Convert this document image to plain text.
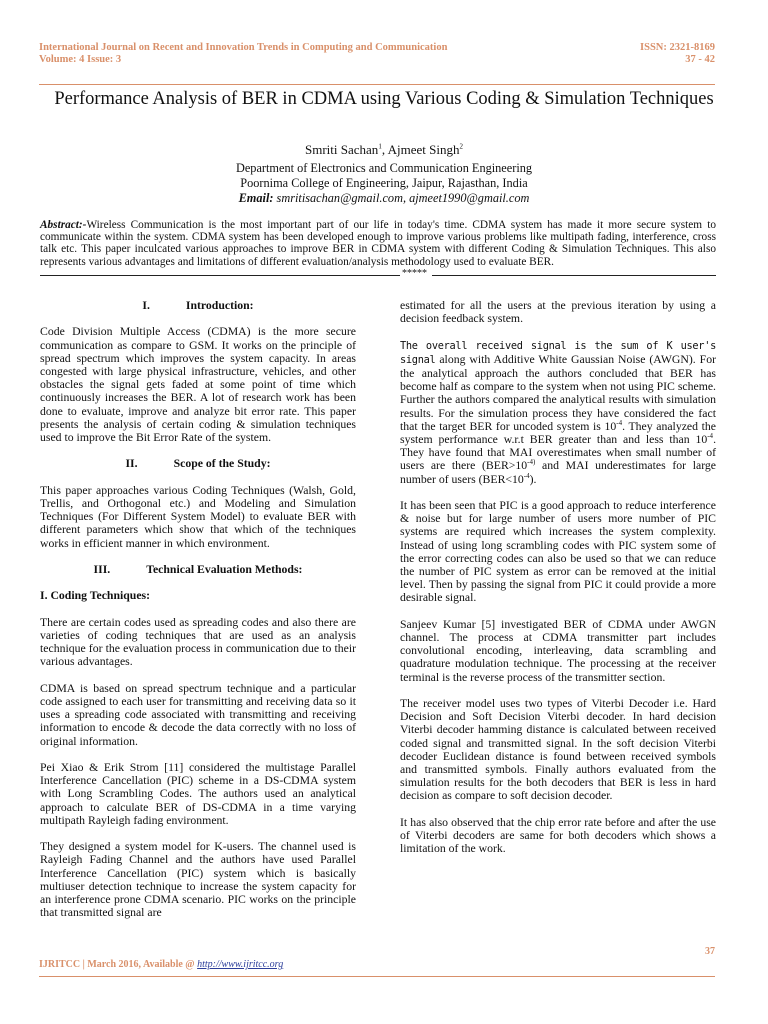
International Journal on Recent and Innovation Trends in Computing and Communication
Volume: 4 Issue: 3
ISSN: 2321-8169
37 - 42
Performance Analysis of BER in CDMA using Various Coding & Simulation Techniques
Smriti Sachan$^1$, Ajmeet Singh$^2$
Department of Electronics and Communication Engineering
Poornima College of Engineering, Jaipur, Rajasthan, India
Email: smritisachan@gmail.com, ajmeet1990@gmail.com
Abstract:-Wireless Communication is the most important part of our life in today's time. CDMA system has made it more secure system to communicate within the system. CDMA system has been developed enough to improve various problems like multipath fading, interference, cross talk etc. This paper inculcated various approaches to improve BER in CDMA system with different Coding & Simulation Techniques. This also represents various advantages and limitations of different evaluation/analysis methodology used to evaluate BER.
*****

I.	Introduction:

Code Division Multiple Access (CDMA) is the more secure communication as compare to GSM. It works on the principle of spread spectrum which improves the system capacity. In areas congested with large physical infrastructure, vehicles, and other obstacles the signal gets faded at some point of time which continuously increases the BER. A lot of research work has been done to evaluate, improve and analyze bit error rate. This paper presents the analysis of certain coding & simulation techniques used to improve the Bit Error Rate of the system.

II.	Scope of the Study:

This paper approaches various Coding Techniques (Walsh, Gold, Trellis, and Orthogonal etc.) and Modeling and Simulation Techniques (For Different System Model) to evaluate BER with different parameters which show that which of the techniques works in efficient manner in which environment.

III.	Technical Evaluation Methods:

I. Coding Techniques:

There are certain codes used as spreading codes and also there are varieties of coding techniques that are used as an analysis technique for the evaluation process in communication due to their various advantages.

CDMA is based on spread spectrum technique and a particular code assigned to each user for transmitting and receiving data so it uses a spreading code associated with transmitting and receiving information to encode & decode the data correctly with no loss of original information.

Pei Xiao & Erik Strom [11] considered the multistage Parallel Interference Cancellation (PIC) scheme in a DS-CDMA system with Long Scrambling Codes. The authors used an analytical approach to calculate BER of DS-CDMA in a time varying multipath Rayleigh fading environment.

They designed a system model for K-users. The channel used is Rayleigh Fading Channel and the authors have used Parallel Interference Cancellation (PIC) system which is basically multiuser detection technique to increase the system capacity for an interference prone CDMA scenario. PIC works on the principle that transmitted signal are

estimated for all the users at the previous iteration by using a decision feedback system.

The overall received signal is the sum of K user's signal along with Additive White Gaussian Noise (AWGN). For the analytical approach the authors concluded that BER has become half as compare to the system when not using PIC scheme. Further the authors compared the analytical results with simulation results. For the simulation process they have considered the fact that the target BER for uncoded system is $10^{-4}$. They analyzed the system performance w.r.t BER greater than and less than $10^{-4}$. They have found that MAI overestimates when small number of users are there ($BER>10^{-4)}$ and MAI underestimates for large number of users $(BER<10^{-4})$.

It has been seen that PIC is a good approach to reduce interference & noise but for large number of users more number of PIC systems are required which increases the system complexity. Instead of using long scrambling codes with PIC system some of the error correcting codes can also be used so that we can reduce the number of PIC system as error can be removed at the initial level. Then by passing the signal from PIC it could provide a more desirable signal.

Sanjeev Kumar [5] investigated BER of CDMA under AWGN channel. The process at CDMA transmitter part includes convolutional encoding, interleaving, data scrambling and quadrature modulation technique. The processing at the receiver terminal is the reverse process of the transmitter section.

The receiver model uses two types of Viterbi Decoder i.e. Hard Decision and Soft Decision Viterbi decoder. In hard decision Viterbi decoder hamming distance is calculated between received coded signal and transmitted signal. In the soft decision Viterbi decoder Euclidean distance is found between received symbols and transmitted symbols. Finally authors evaluated from the simulation results for the both decoders that BER is less in hard decision as compare to soft decision decoder.

It has also observed that the chip error rate before and after the use of Viterbi decoders are same for both decoders which shows a limitation of the work.

37
IJRITCC | March 2016, Available @ http://www.ijritcc.org
